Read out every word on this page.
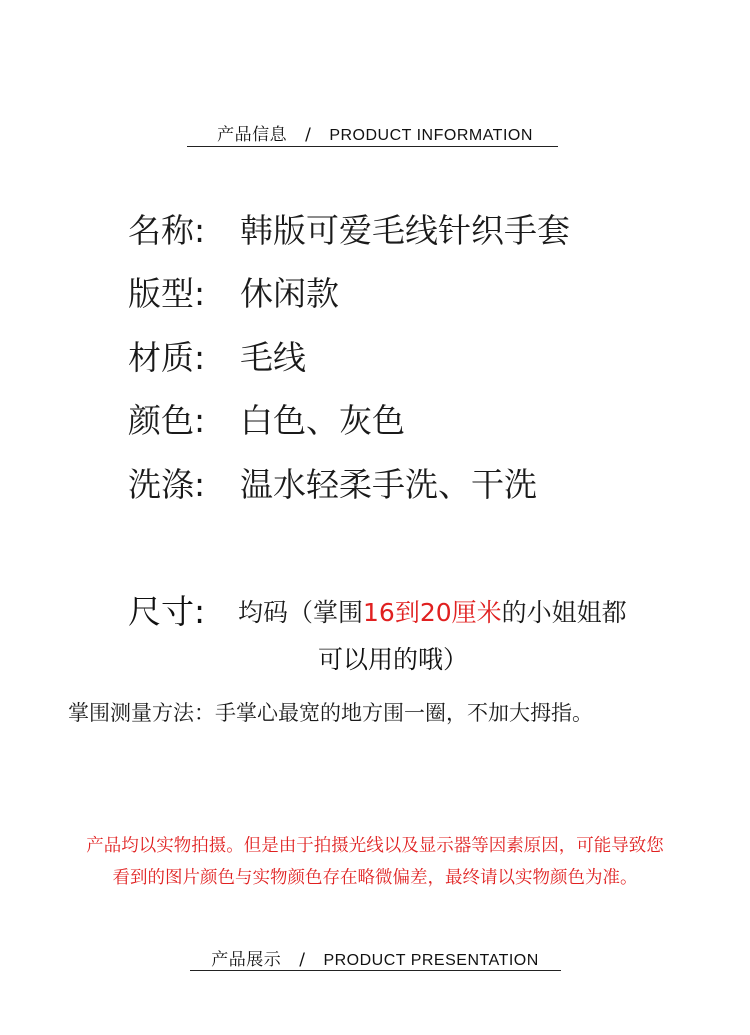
产品信息 / PRODUCT INFORMATION
名称: 韩版可爱毛线针织手套
版型: 休闲款
材质: 毛线
颜色: 白色、灰色
洗涤: 温水轻柔手洗、干洗
尺寸:	均码（掌围16到20厘米的小姐姐都
可以用的哦）
掌围测量方法：手掌心最宽的地方围一圈，不加大拇指。
产品均以实物拍摄。但是由于拍摄光线以及显示器等因素原因，可能导致您
看到的图片颜色与实物颜色存在略微偏差，最终请以实物颜色为准。
产品展示 / PRODUCT PRESENTATION
